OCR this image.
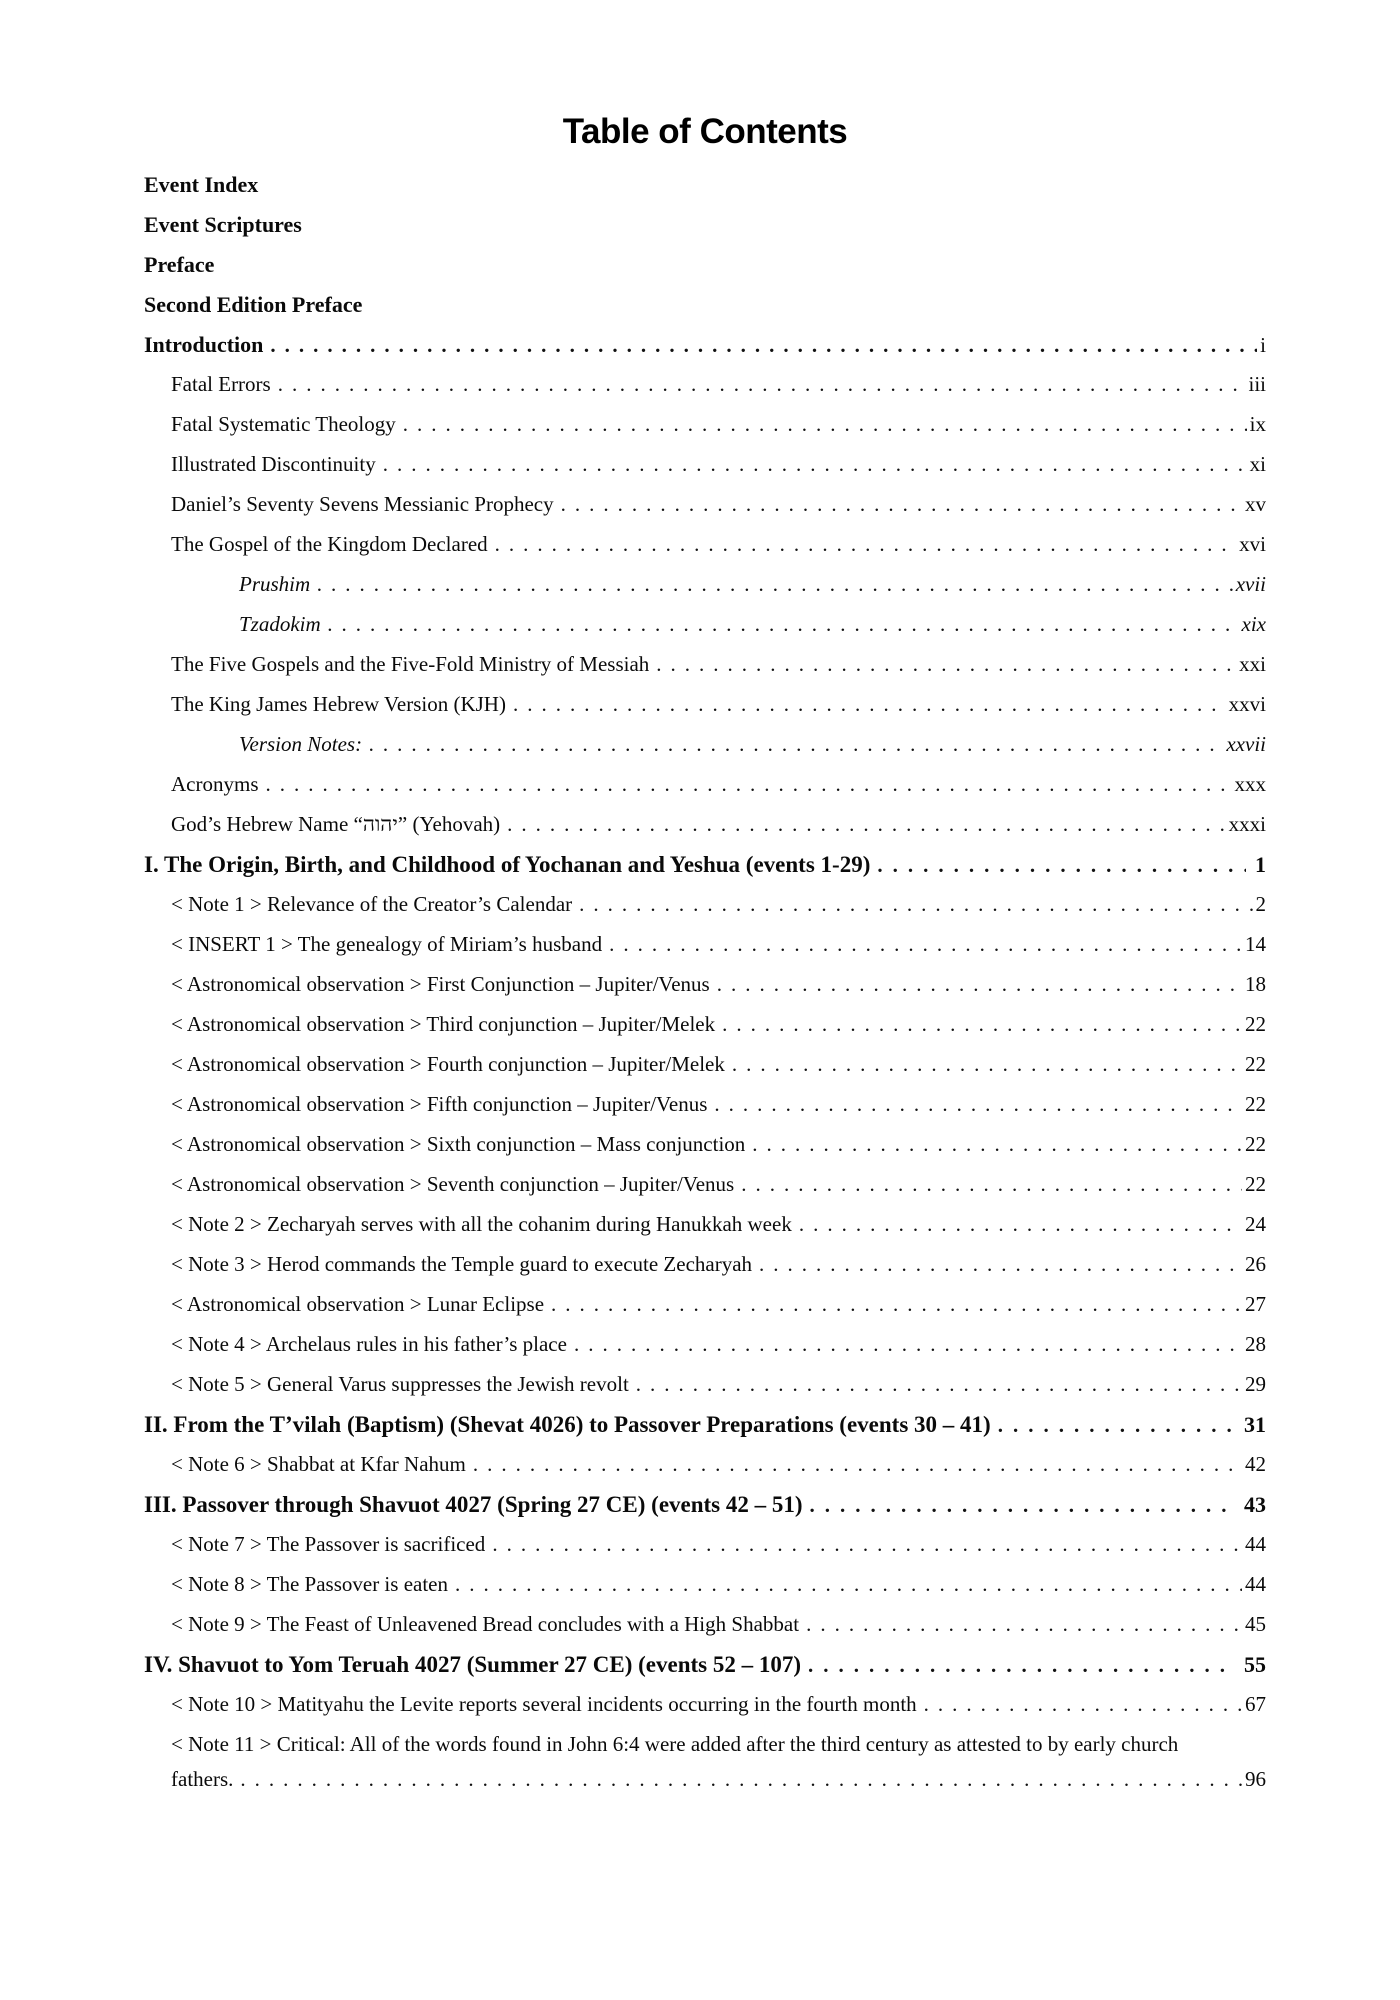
Table of Contents
Event Index
Event Scriptures
Preface
Second Edition Preface
Introduction .....	i
Fatal Errors .....	iii
Fatal Systematic Theology .....	ix
Illustrated Discontinuity .....	xi
Daniel’s Seventy Sevens Messianic Prophecy .....	xv
The Gospel of the Kingdom Declared .....	xvi
Prushim .....	xvii
Tzadokim .....	xix
The Five Gospels and the Five-Fold Ministry of Messiah .....	xxi
The King James Hebrew Version (KJH) .....	xxvi
Version Notes: .....	xxvii
Acronyms .....	xxx
God’s Hebrew Name “יהוה” (Yehovah) .....	xxxi
I. The Origin, Birth, and Childhood of Yochanan and Yeshua (events 1-29) .....	1
< Note 1 > Relevance of the Creator’s Calendar .....	2
< INSERT 1 > The genealogy of Miriam’s husband .....	14
< Astronomical observation > First Conjunction – Jupiter/Venus .....	18
< Astronomical observation > Third conjunction – Jupiter/Melek .....	22
< Astronomical observation > Fourth conjunction – Jupiter/Melek .....	22
< Astronomical observation > Fifth conjunction – Jupiter/Venus .....	22
< Astronomical observation > Sixth conjunction – Mass conjunction .....	22
< Astronomical observation > Seventh conjunction – Jupiter/Venus .....	22
< Note 2 > Zecharyah serves with all the cohanim during Hanukkah week .....	24
< Note 3 > Herod commands the Temple guard to execute Zecharyah .....	26
< Astronomical observation > Lunar Eclipse .....	27
< Note 4 > Archelaus rules in his father’s place .....	28
< Note 5 > General Varus suppresses the Jewish revolt .....	29
II. From the T’vilah (Baptism) (Shevat 4026) to Passover Preparations (events 30 – 41) .....	31
< Note 6 > Shabbat at Kfar Nahum .....	42
III. Passover through Shavuot 4027 (Spring 27 CE) (events 42 – 51) .....	43
< Note 7 > The Passover is sacrificed .....	44
< Note 8 > The Passover is eaten .....	44
< Note 9 > The Feast of Unleavened Bread concludes with a High Shabbat .....	45
IV. Shavuot to Yom Teruah 4027 (Summer 27 CE) (events 52 – 107) .....	55
< Note 10 > Matityahu the Levite reports several incidents occurring in the fourth month .....	67
< Note 11 > Critical: All of the words found in John 6:4 were added after the third century as attested to by early church
fathers. .....	96
